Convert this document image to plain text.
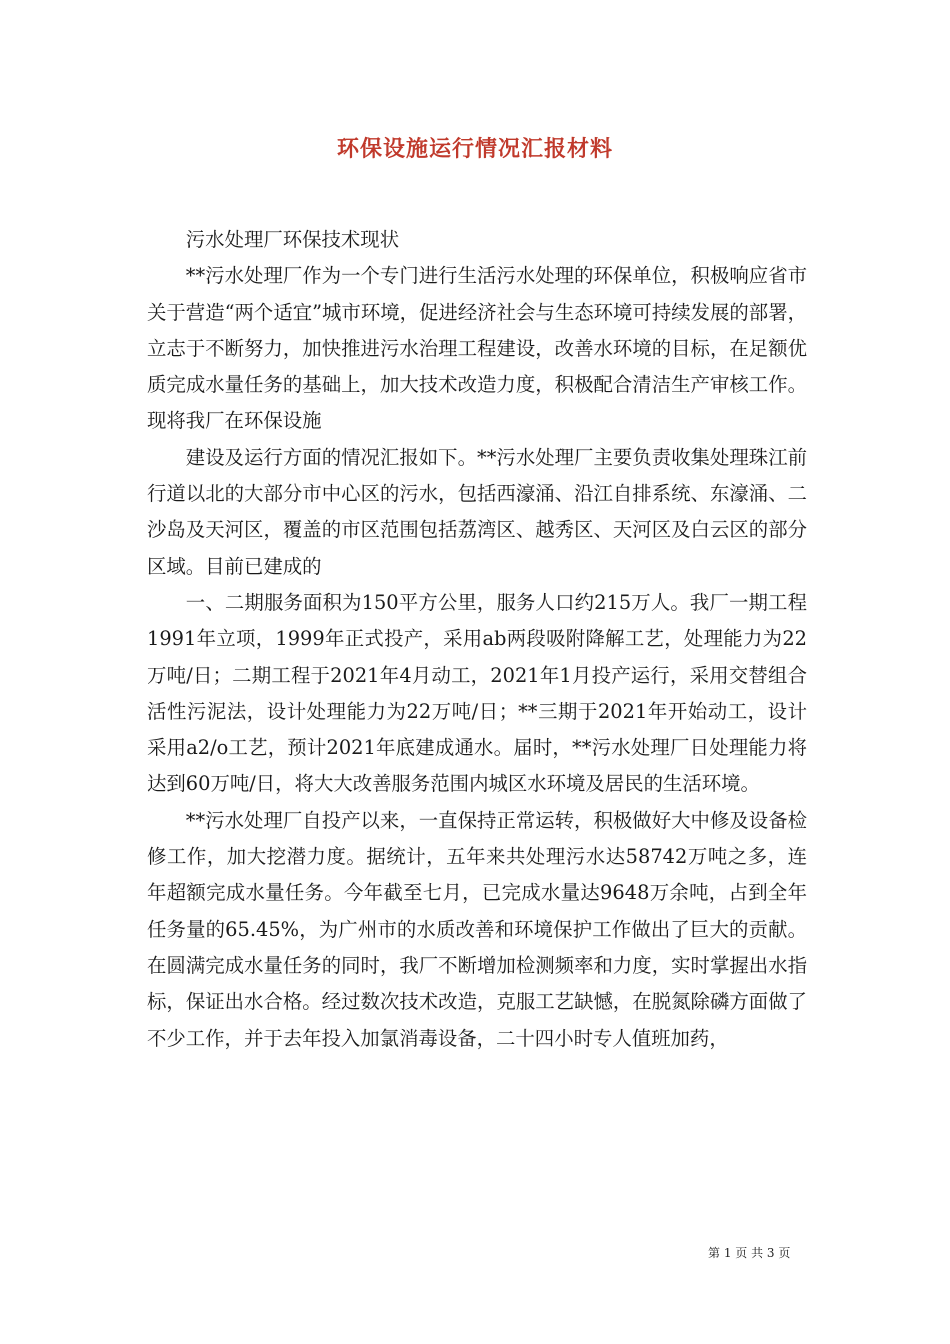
环保设施运行情况汇报材料

污水处理厂环保技术现状

**污水处理厂作为一个专门进行生活污水处理的环保单位，积极响应省市关于营造“两个适宜”城市环境，促进经济社会与生态环境可持续发展的部署，立志于不断努力，加快推进污水治理工程建设，改善水环境的目标，在足额优质完成水量任务的基础上，加大技术改造力度，积极配合清洁生产审核工作。现将我厂在环保设施

建设及运行方面的情况汇报如下。**污水处理厂主要负责收集处理珠江前行道以北的大部分市中心区的污水，包括西濠涌、沿江自排系统、东濠涌、二沙岛及天河区，覆盖的市区范围包括荔湾区、越秀区、天河区及白云区的部分区域。目前已建成的

一、二期服务面积为150平方公里，服务人口约215万人。我厂一期工程1991年立项，1999年正式投产，采用ab两段吸附降解工艺，处理能力为22万吨/日；二期工程于2021年4月动工，2021年1月投产运行，采用交替组合活性污泥法，设计处理能力为22万吨/日；**三期于2021年开始动工，设计采用a2/o工艺，预计2021年底建成通水。届时，**污水处理厂日处理能力将达到60万吨/日，将大大改善服务范围内城区水环境及居民的生活环境。

**污水处理厂自投产以来，一直保持正常运转，积极做好大中修及设备检修工作，加大挖潜力度。据统计，五年来共处理污水达58742万吨之多，连年超额完成水量任务。今年截至七月，已完成水量达9648万余吨，占到全年任务量的65.45%，为广州市的水质改善和环境保护工作做出了巨大的贡献。在圆满完成水量任务的同时，我厂不断增加检测频率和力度，实时掌握出水指标，保证出水合格。经过数次技术改造，克服工艺缺憾，在脱氮除磷方面做了不少工作，并于去年投入加氯消毒设备，二十四小时专人值班加药，

第 1 页 共 3 页
